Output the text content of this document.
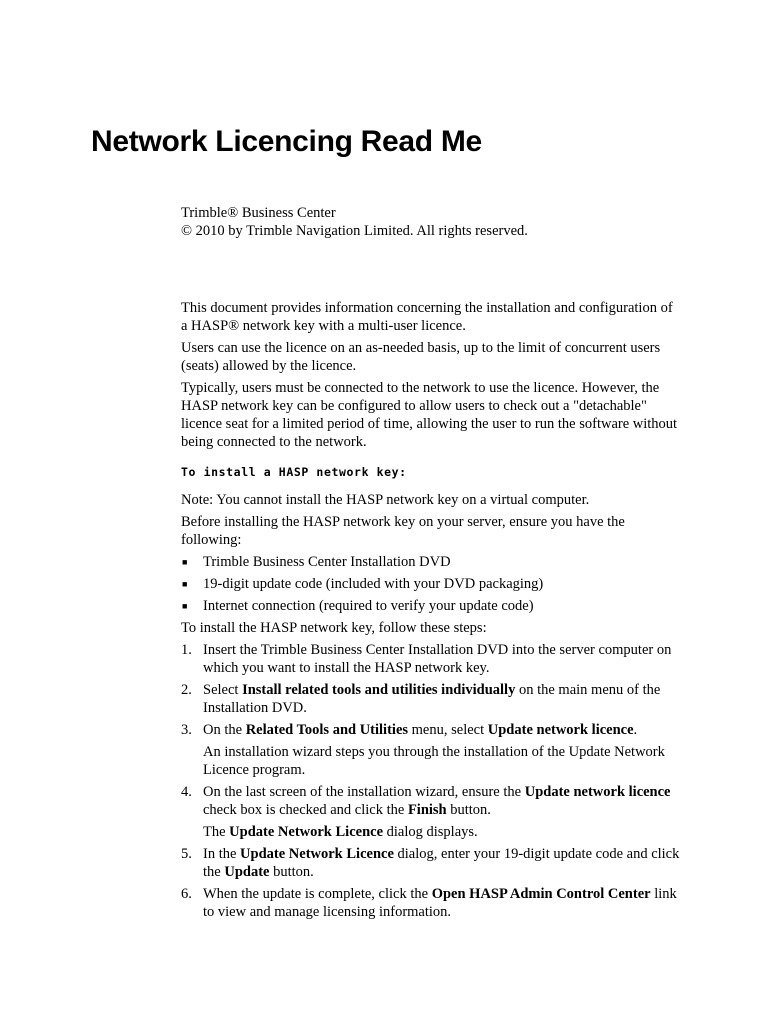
Network Licencing Read Me
Trimble® Business Center
© 2010 by Trimble Navigation Limited. All rights reserved.

This document provides information concerning the installation and configuration of a HASP® network key with a multi-user licence.

Users can use the licence on an as-needed basis, up to the limit of concurrent users (seats) allowed by the licence.

Typically, users must be connected to the network to use the licence. However, the HASP network key can be configured to allow users to check out a "detachable" licence seat for a limited period of time, allowing the user to run the software without being connected to the network.

To install a HASP network key:

Note: You cannot install the HASP network key on a virtual computer.

Before installing the HASP network key on your server, ensure you have the following:

■ Trimble Business Center Installation DVD
■ 19-digit update code (included with your DVD packaging)
■ Internet connection (required to verify your update code)

To install the HASP network key, follow these steps:

1. Insert the Trimble Business Center Installation DVD into the server computer on which you want to install the HASP network key.
2. Select Install related tools and utilities individually on the main menu of the Installation DVD.
3. On the Related Tools and Utilities menu, select Update network licence.
An installation wizard steps you through the installation of the Update Network Licence program.
4. On the last screen of the installation wizard, ensure the Update network licence check box is checked and click the Finish button.
The Update Network Licence dialog displays.
5. In the Update Network Licence dialog, enter your 19-digit update code and click the Update button.
6. When the update is complete, click the Open HASP Admin Control Center link to view and manage licensing information.
